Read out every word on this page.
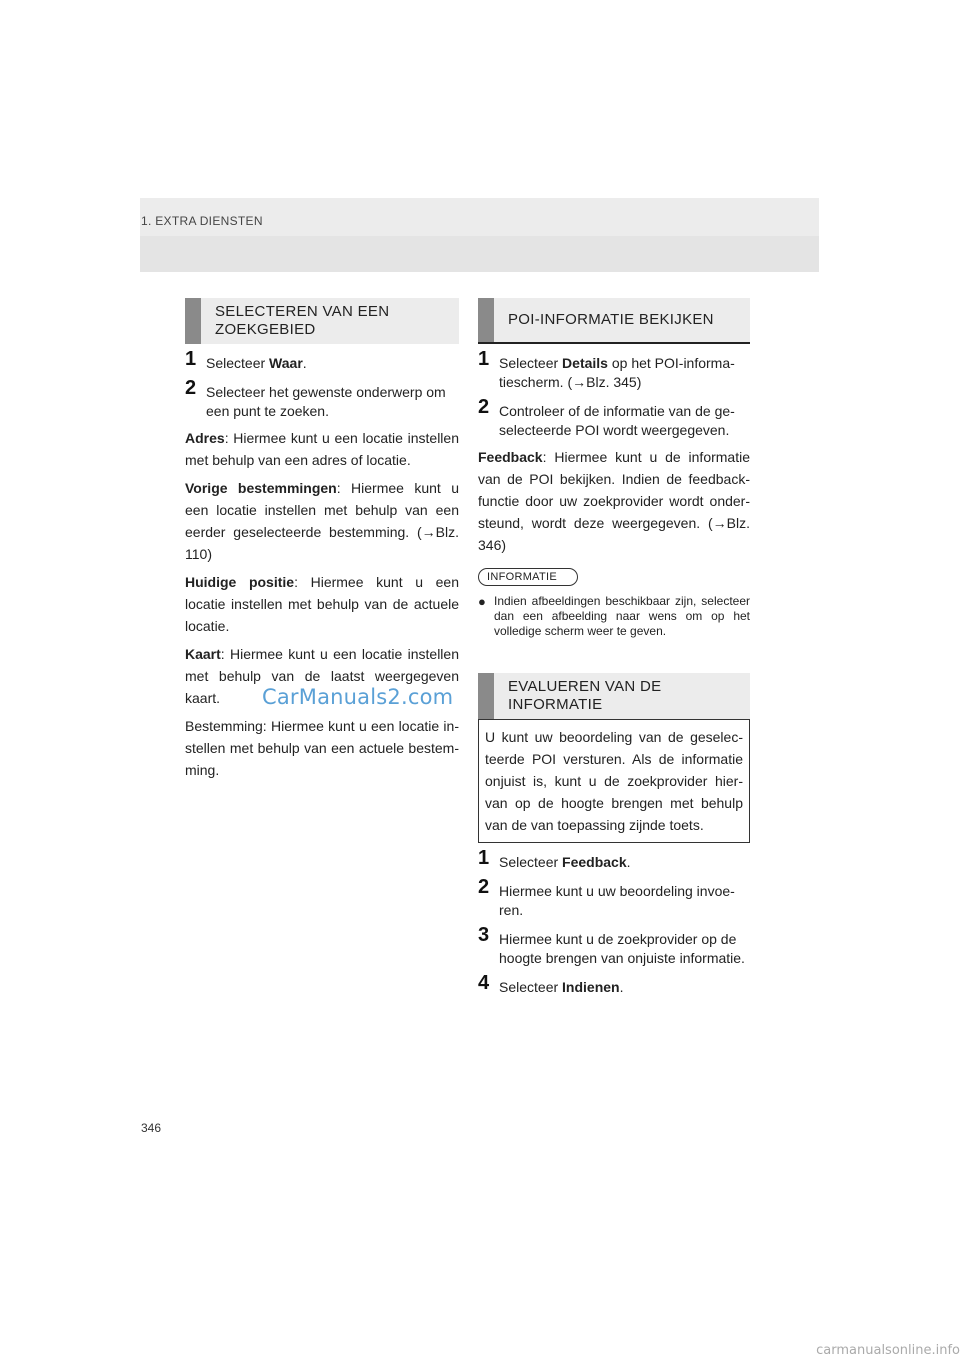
1. EXTRA DIENSTEN
SELECTEREN VAN EEN ZOEKGEBIED
1 Selecteer Waar.
2 Selecteer het gewenste onderwerp om een punt te zoeken.
Adres: Hiermee kunt u een locatie instellen met behulp van een adres of locatie.
Vorige bestemmingen: Hiermee kunt u een locatie instellen met behulp van een eerder geselecteerde bestemming. (→Blz. 110)
Huidige positie: Hiermee kunt u een locatie instellen met behulp van de actuele locatie.
Kaart: Hiermee kunt u een locatie instellen met behulp van de laatst weergegeven kaart.
Bestemming: Hiermee kunt u een locatie in-stellen met behulp van een actuele bestem-ming.
CarManuals2.com
POI-INFORMATIE BEKIJKEN
1 Selecteer Details op het POI-informa-tiescherm. (→Blz. 345)
2 Controleer of de informatie van de ge-selecteerde POI wordt weergegeven.
Feedback: Hiermee kunt u de informatie van de POI bekijken. Indien de feedback-functie door uw zoekprovider wordt onder-steund, wordt deze weergegeven. (→Blz. 346)
INFORMATIE
● Indien afbeeldingen beschikbaar zijn, selecteer dan een afbeelding naar wens om op het volledige scherm weer te geven.
EVALUEREN VAN DE INFORMATIE
U kunt uw beoordeling van de geselec-teerde POI versturen. Als de informatie onjuist is, kunt u de zoekprovider hier-van op de hoogte brengen met behulp van de van toepassing zijnde toets.
1 Selecteer Feedback.
2 Hiermee kunt u uw beoordeling invoe-ren.
3 Hiermee kunt u de zoekprovider op de hoogte brengen van onjuiste informatie.
4 Selecteer Indienen.
346
carmanualsonline.info
